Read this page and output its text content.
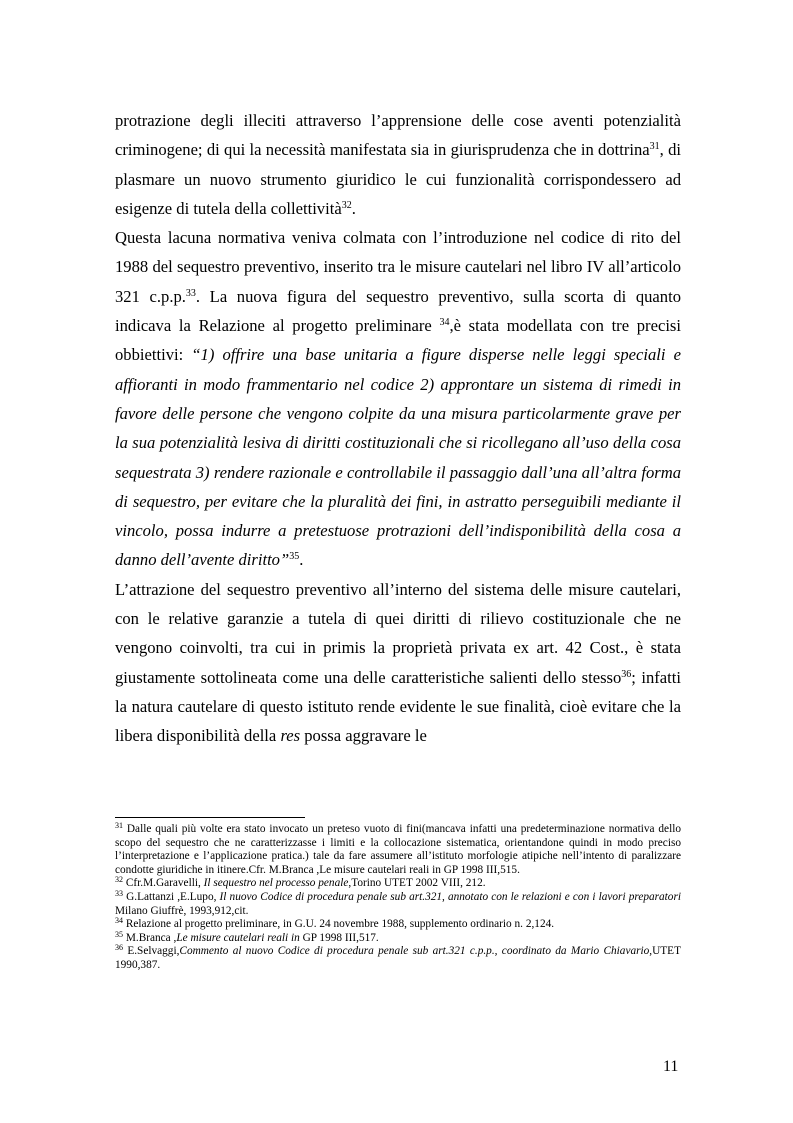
protrazione degli illeciti attraverso l’apprensione delle cose aventi potenzialità criminogene; di qui la necessità manifestata sia in giurisprudenza che in dottrina$^{31}$, di plasmare un nuovo strumento giuridico le cui funzionalità corrispondessero ad esigenze di tutela della collettività$^{32}$.

Questa lacuna normativa veniva colmata con l’introduzione nel codice di rito del 1988 del sequestro preventivo, inserito tra le misure cautelari nel libro IV all’articolo 321 c.p.p.$^{33}$. La nuova figura del sequestro preventivo, sulla scorta di quanto indicava la Relazione al progetto preliminare $^{34}$,è stata modellata con tre precisi obbiettivi: “1) offrire una base unitaria a figure disperse nelle leggi speciali e affioranti in modo frammentario nel codice 2) approntare un sistema di rimedi in favore delle persone che vengono colpite da una misura particolarmente grave per la sua potenzialità lesiva di diritti costituzionali che si ricollegano all’uso della cosa sequestrata 3) rendere razionale e controllabile il passaggio dall’una all’altra forma di sequestro, per evitare che la pluralità dei fini, in astratto perseguibili mediante il vincolo, possa indurre a pretestuose protrazioni dell’indisponibilità della cosa a danno dell’avente diritto”$^{35}$.

L’attrazione del sequestro preventivo all’interno del sistema delle misure cautelari, con le relative garanzie a tutela di quei diritti di rilievo costituzionale che ne vengono coinvolti, tra cui in primis la proprietà privata ex art. 42 Cost., è stata giustamente sottolineata come una delle caratteristiche salienti dello stesso$^{36}$; infatti la natura cautelare di questo istituto rende evidente le sue finalità, cioè evitare che la libera disponibilità della res possa aggravare le

$^{31}$ Dalle quali più volte era stato invocato un preteso vuoto di fini(mancava infatti una predeterminazione normativa dello scopo del sequestro che ne caratterizzasse i limiti e la collocazione sistematica, orientandone quindi in modo preciso l’interpretazione e l’applicazione pratica.) tale da fare assumere all’istituto morfologie atipiche nell’intento di paralizzare condotte giuridiche in itinere.Cfr. M.Branca ,Le misure cautelari reali in GP 1998 III,515.

$^{32}$ Cfr.M.Garavelli, Il sequestro nel processo penale,Torino UTET 2002 VIII, 212.

$^{33}$ G.Lattanzi ,E.Lupo, Il nuovo Codice di procedura penale sub art.321, annotato con le relazioni e con i lavori preparatori      Milano Giuffrè, 1993,912,cit.

$^{34}$ Relazione al progetto preliminare, in G.U. 24 novembre 1988, supplemento ordinario n. 2,124.

$^{35}$ M.Branca ,Le misure cautelari reali in GP 1998 III,517.

$^{36}$ E.Selvaggi,Commento al nuovo Codice di procedura penale sub art.321 c.p.p., coordinato da Mario Chiavario,UTET 1990,387.

11
